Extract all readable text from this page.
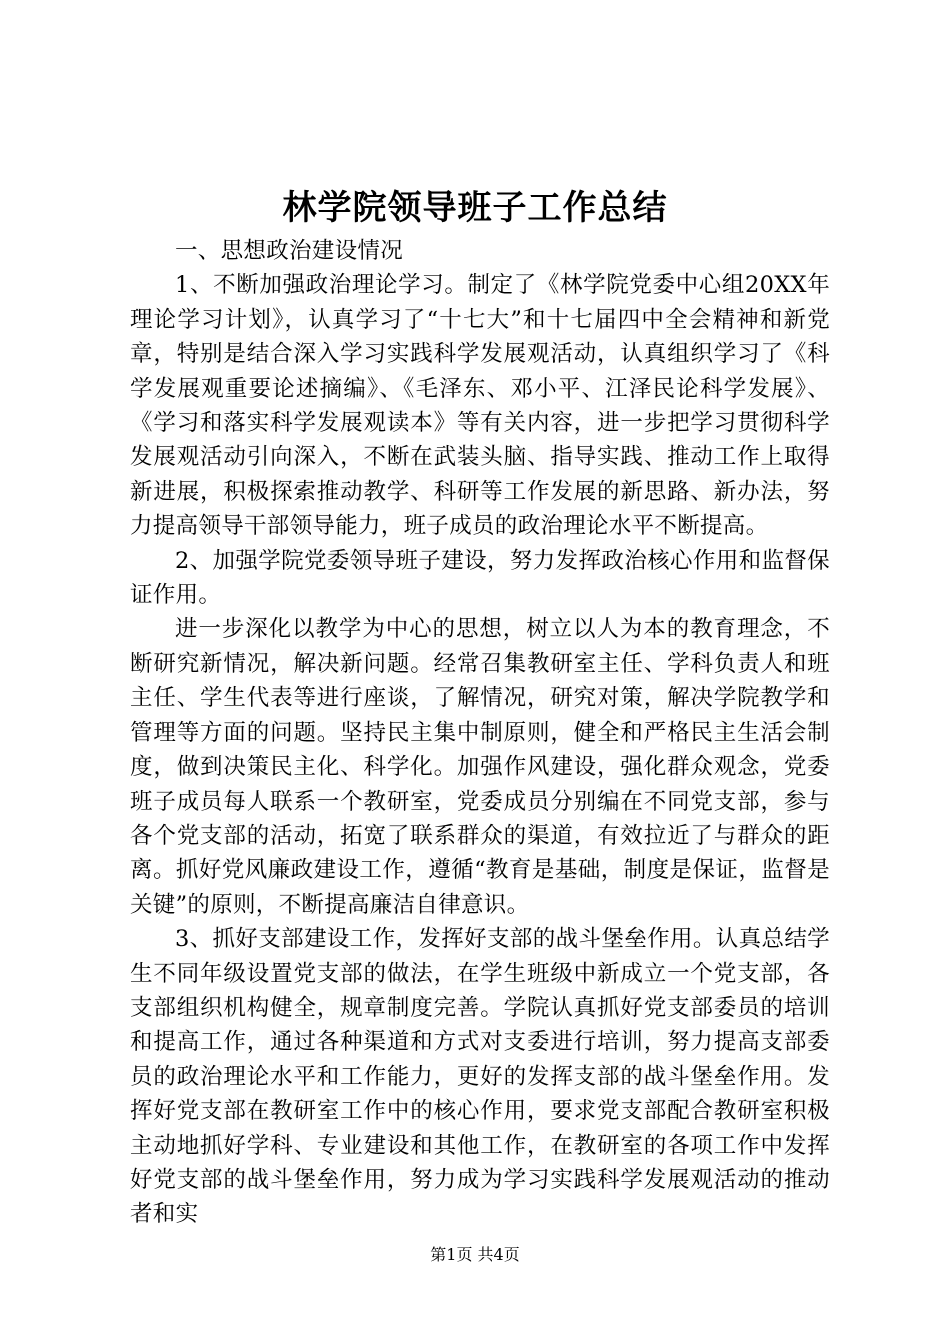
林学院领导班子工作总结

一、思想政治建设情况

1、不断加强政治理论学习。制定了《林学院党委中心组20XX年理论学习计划》，认真学习了“十七大”和十七届四中全会精神和新党章，特别是结合深入学习实践科学发展观活动，认真组织学习了《科学发展观重要论述摘编》、《毛泽东、邓小平、江泽民论科学发展》、《学习和落实科学发展观读本》等有关内容，进一步把学习贯彻科学发展观活动引向深入，不断在武装头脑、指导实践、推动工作上取得新进展，积极探索推动教学、科研等工作发展的新思路、新办法，努力提高领导干部领导能力，班子成员的政治理论水平不断提高。

2、加强学院党委领导班子建设，努力发挥政治核心作用和监督保证作用。

进一步深化以教学为中心的思想，树立以人为本的教育理念，不断研究新情况，解决新问题。经常召集教研室主任、学科负责人和班主任、学生代表等进行座谈，了解情况，研究对策，解决学院教学和管理等方面的问题。坚持民主集中制原则，健全和严格民主生活会制度，做到决策民主化、科学化。加强作风建设，强化群众观念，党委班子成员每人联系一个教研室，党委成员分别编在不同党支部，参与各个党支部的活动，拓宽了联系群众的渠道，有效拉近了与群众的距离。抓好党风廉政建设工作，遵循“教育是基础，制度是保证，监督是关键”的原则，不断提高廉洁自律意识。

3、抓好支部建设工作，发挥好支部的战斗堡垒作用。认真总结学生不同年级设置党支部的做法，在学生班级中新成立一个党支部，各支部组织机构健全，规章制度完善。学院认真抓好党支部委员的培训和提高工作，通过各种渠道和方式对支委进行培训，努力提高支部委员的政治理论水平和工作能力，更好的发挥支部的战斗堡垒作用。发挥好党支部在教研室工作中的核心作用，要求党支部配合教研室积极主动地抓好学科、专业建设和其他工作，在教研室的各项工作中发挥好党支部的战斗堡垒作用，努力成为学习实践科学发展观活动的推动者和实

第1页 共4页
